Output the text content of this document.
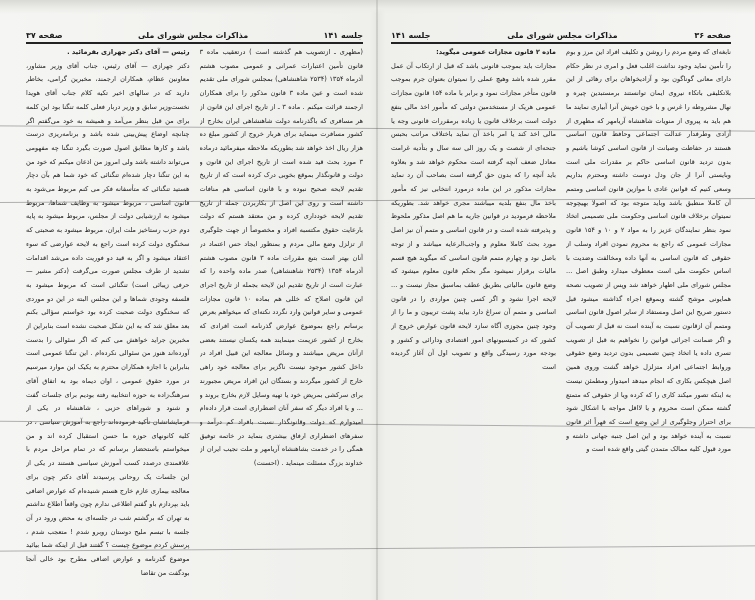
جلسه ۱۴۱
مذاکرات مجلس شورای ملی
صفحه ۳۷

(مظهری ـ ازتصویب هم گذشته است ) درتعقیب ماده ۳ قانون تأمین اعتبارات عمرانی و عمومی مصوب هشتم آذرماه ۱۳۵۴ (۲۵۳۴ شاهنشاهی) بمجلس شورای ملی تقدیم شده است و عین ماده ۳ قانون مذکور را برای همکاران ارجمند قرائت میکنم . ماده ۳ ـ از تاریخ اجرای این قانون از هر مسافری که باگذرنامه دولت شاهنشاهی ایران بخارج از کشور مسافرت مینماید برای هربار خروج از کشور مبلغ ده هزار ریال اخذ خواهد شد بطوریکه ملاحظه میفرمائید درماده ۳ مورد بحث قید شده است از تاریخ اجرای این قانون و دولت و قانونگذار بموقع بخوبی درک کرده است که از تاریخ تقدیم لایحه صحیح نبوده و با قانون اساسی هم منافات داشته است و روی این اصل از بکاربردن جمله از تاریخ تقدیم لایحه خودداری کرده و من معتقد هستم که دولت بارعایت حقوق مکتسبه افراد و مخصوصاً از جهت جلوگیری از تزلزل وضع مالی مردم و بمنظور ایجاد حس اعتماد در آنان بهتر است بتبع مقررات ماده ۳ قانون مصوب هشتم آذرماه ۱۳۵۴ (۲۵۳۴ شاهنشاهی) صدر ماده واحده را که عبارت است از تاریخ تقدیم این لایحه بجمله از تاریخ اجرای این قانون اصلاح که خللی هم بماده ۱۰ قانون مجازات عمومی و سایر قوانین وارد نگردد نکته‌ای که میخواهم بعرض برسانم راجع بموضوع عوارض گذرنامه است افرادی که بخارج از کشور عزیمت مینمایند همه یکسان نیستند بعضی ازآنان مریض میباشند و وسائل معالجه این قبیل افراد در داخل کشور موجود نیست ناگزیر برای معالجه خود راهی خارج از کشور میگردند و بستگان این افراد مریض مجبورند برای سرکشی بمریض خود یا تهیه وسایل لازم بخارج بروند و ... و یا افراد دیگر که سفر آنان اضطراری است قرار داده‌ام امیدوارم که دولت وقانونگذار نسبت بافراد کم درآمد و سفرهای اضطراری ارفاق بیشتری بنماید در خاتمه توفیق همگی را در خدمت بشاهنشاه آریامهر و ملت نجیب ایران از خداوند بزرگ مسئلت مینماید . (احسنت)

رئیس — آقای دکتر جهرازی بفرمائید .

دکتر جهرازی — آقای رئیس، جناب آقای وزیر مشاور، معاونین عظام، همکاران ارجمند، مخبرین گرامی، بخاطر دارید که در سالهای اخیر تکیه کلام جناب آقای هویدا نخست‌وزیر سابق و وزیر دربار فعلی کلمه تنگنا بود این کلمه برای من قبل بنظر می‌آمد و همیشه به خود می‌گفتم اگر چنانچه اوضاع پیش‌بینی شده باشد و برنامه‌ریزی درست باشد و کارها مطابق اصول صورت بگیرد تنگنا چه مفهومی می‌تواند داشته باشد ولی امروز من اذعان میکنم که خود من به این تنگنا دچار شده‌ام تنگنائی که خود شما هم بآن دچار هستید تنگنائی که متأسفانه فکر می کنم مربوط می‌شود به قانون اساسی ، مربوط میشود به وظایف شماها، مربوط میشود به ارزشیابی دولت از مجلس، مربوط میشود به پایه دوم حزب رستاخیز ملت ایران، مربوط میشود به صحبتی که سخنگوی دولت کرده است راجع به لایحه عوارضی که سوء اعتقاد میشود و اگر به قید دو فوریت داده می‌شد اقدامات تشدید از طرف مجلس صورت می‌گرفت (دکتر مشیر — حرفی زیبائی است) تنگنائی است که مربوط میشود به فلسفه وجودی شماها و این مجلس البته در این دو موردی که سخنگوی دولت صحبت کرده بود خواستم سؤالی بکنم بعد معلق شد که به این شکل صحبت نشده است بنابراین از مخبرین جراید خواهش می کنم که اگر سئوالی را بدست آورده‌اند هنوز من سئوالی نکرده‌ام . این تنگنا عمومی است بنابراین با اجازه همکاران محترم به یکیک این موارد میرسیم در مورد حقوق عمومی ، اوان دیماه بود به اتفاق آقای سرهنگ‌زاده به حوزه انتخابیه رفته بودیم برای جلسات گفت و شنود و شوراهای حزبی ، شاهنشاه در یکی از فرمایشاتشان تأکید فرموده‌اند راجع به آموزش سیاسی ، در کلیه کانونهای حوزه ما حسن استقبال کرده اند و من میخواستم باستحضار برسانم که در تمام مراحل مردم با علاقمندی درصدد کسب آموزش سیاسی هستند در یکی از این جلسات یک روحانی پرسیدند آقای دکتر چون برای معالجه بیماری عازم خارج هستم شنیده‌ام که عوارض اضافی باید بپردازم باو گفتم اطلاعی ندارم چون واقعاً اطلاع نداشتم به تهران که برگشتم شب در جلسه‌ای به محض ورود در آن جلسه با تبسم ملیح دوستان روبرو شدم ! متعجب شدم ، پرسش کردم موضوع چیست ؟ گفتند قبل از اینکه شما بیائید موضوع گذرنامه و عوارض اضافی مطرح بود خالی آنجا بودگفت من تقاضا

صفحه ۳۶
مذاکرات مجلس شورای ملی
جلسه ۱۴۱

نابغه‌ای که وضع مردم را روشن و تکلیف افراد این مرز و بوم را تأمین نماید وجود نداشت اغلب فعل و امری در نظر حکام دارای معانی گوناگون بود و آزادیخواهان برای رهائی از این بلاتکلیفی باتکاء نیروی ایمان توانستند برمستبدین چیره و نهال مشروطه را غرس و با خون خویش آنرا آبیاری نمایند ما هم باید به پیروی از منویات شاهنشاه آریامهر که مظهری از آزادی وطرفدار عدالت اجتماعی وحافظ قانون اساسی هستند در حفاظت وصیانت از قانون اساسی کوشا باشیم و بدون تردید قانون اساسی حاکم بر مقدرات ملی است وبایستی آنرا از جان ودل دوست داشته ومحترم بداریم وسعی کنیم که قوانین عادی با موازین قانون اساسی ومتمم آن کاملا منطبق باشد وباید متوجه بود که اصولا بهیچوجه نمیتوان برخلاف قانون اساسی وحکومت ملی تصمیمی اتخاذ نمود بنظر نمایندگان عزیز را به مواد ۲ و ۱۰ و ۱۵۴ قانون مجازات عمومی که راجع به محروم نمودن افراد وسلب از حقوقی که قانون اساسی به آنها داده ومخالفت وضدیت با اساس حکومت ملی است معطوف میدارد وطبق اصل ... مجلس شورای ملی اظهار خواهد شد وپس از تصویب نصحه همایونی موشح گشته وبموقع اجراء گذاشته میشود قبل دستور صریح این اصل ومستفاد از سایر اصول قانون اساسی ومتمم آن ازقانون نسبت به آینده است نه قبل از تصویب آن و اگر ضمانت اجرائی قوانین را نخواهیم به قبل از تصویب تسری داده یا اتخاذ چنین تصمیمی بدون تردید وضع حقوقی وروابط اجتماعی افراد متزلزل خواهد گشت وروی همین اصل هیچکس بکاری که انجام میدهد امیدوار ومطمئن نیست به اینکه تصور میکند کاری را که کرده ویا از حقوقی که متمتع گشته ممکن است محروم و یا لااقل مواجه با اشکال شود برای احتراز وجلوگیری از این وضع است که قهراً اثر قانون نسبت به آینده خواهد بود و این اصل جنبه جهانی داشته و مورد قبول کلیه ممالک متمدن گیتی واقع شده است و

ماده ۲ قانون مجازات عمومی میگوید:

مجازات باید بموجب قانونی باشد که قبل از ارتکاب آن عمل مقرر شده باشد وهیچ عملی را نمیتوان بعنوان جرم بموجب قانون متأخر مجازات نمود و برابر با ماده ۱۵۴ قانون مجازات عمومی هریک از مستخدمین دولتی که مأمور اخذ مالی بنفع دولت است برخلاف قانون یا زیاده برمقررات قانونی وجه یا مالی اخذ کند یا امر باخذ آن نماید باختلاف مراتب بحبس جنحه‌ای از شصت و یک روز الی سه سال و بتأدیه غرامت معادل ضعف آنچه گرفته است محکوم خواهد شد و بعلاوه باید آنچه را که بدون حق گرفته است بصاحب آن رد نماید مجازات مذکور در این ماده درمورد انتخابی نیز که مأمور باخذ مال بنفع بلدیه میباشند مجری خواهد شد. بطوریکه ملاحظه فرمودید در قوانین جاریه ما هم اصل مذکور ملحوظ و پذیرفته شده است و در قانون اساسی و متمم آن نیز اصل مورد بحث کاملا معلوم و واجب‌الرعایه میباشد و از توجه باصل نود و چهارم متمم قانون اساسی که میگوید هیچ قسم مالیات برقرار نمیشود مگر بحکم قانون معلوم میشود که وضع قانون مالیاتی بطریق عطف بماسبق مجاز نیست و ... لایحه اجرا نشود و اگر کسی چنین مواردی را در قانون اساسی و متمم آن سراغ دارد بیاید پشت تریبون و ما را از وجود چنین مجوزی آگاه سازد لایحه قانون عوارض خروج از کشور که در کمیسیونهای امور اقتصادی ودارائی و کشور و بودجه مورد رسیدگی واقع و تصویب اول آن آغاز گردیده است
